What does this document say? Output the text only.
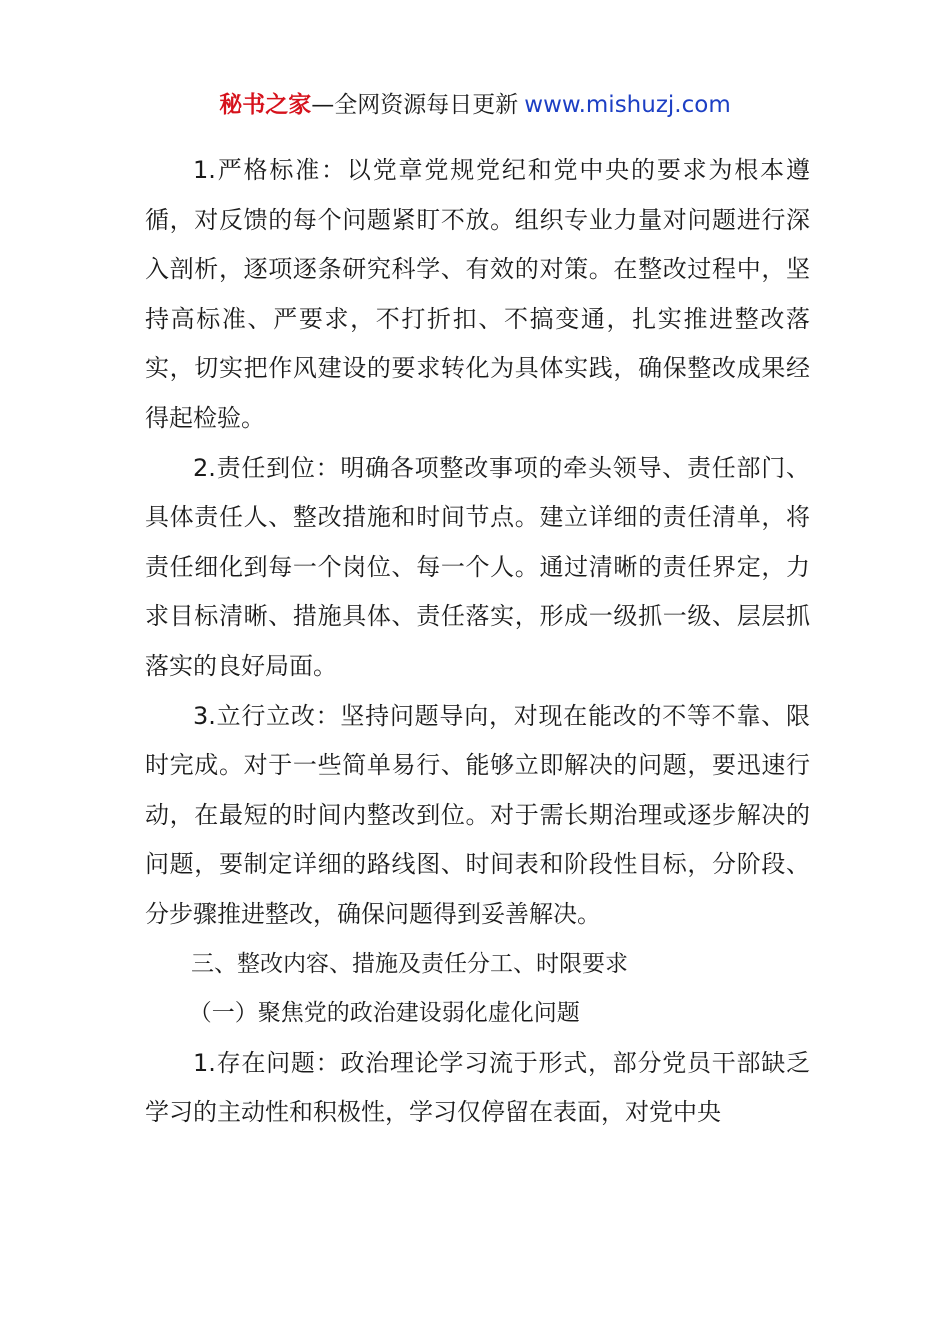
秘书之家—全网资源每日更新 www.mishuzj.com

1.严格标准：以党章党规党纪和党中央的要求为根本遵循，对反馈的每个问题紧盯不放。组织专业力量对问题进行深入剖析，逐项逐条研究科学、有效的对策。在整改过程中，坚持高标准、严要求，不打折扣、不搞变通，扎实推进整改落实，切实把作风建设的要求转化为具体实践，确保整改成果经得起检验。

2.责任到位：明确各项整改事项的牵头领导、责任部门、具体责任人、整改措施和时间节点。建立详细的责任清单，将责任细化到每一个岗位、每一个人。通过清晰的责任界定，力求目标清晰、措施具体、责任落实，形成一级抓一级、层层抓落实的良好局面。

3.立行立改：坚持问题导向，对现在能改的不等不靠、限时完成。对于一些简单易行、能够立即解决的问题，要迅速行动，在最短的时间内整改到位。对于需长期治理或逐步解决的问题，要制定详细的路线图、时间表和阶段性目标，分阶段、分步骤推进整改，确保问题得到妥善解决。

三、整改内容、措施及责任分工、时限要求

（一）聚焦党的政治建设弱化虚化问题

1.存在问题：政治理论学习流于形式，部分党员干部缺乏学习的主动性和积极性，学习仅停留在表面，对党中央
